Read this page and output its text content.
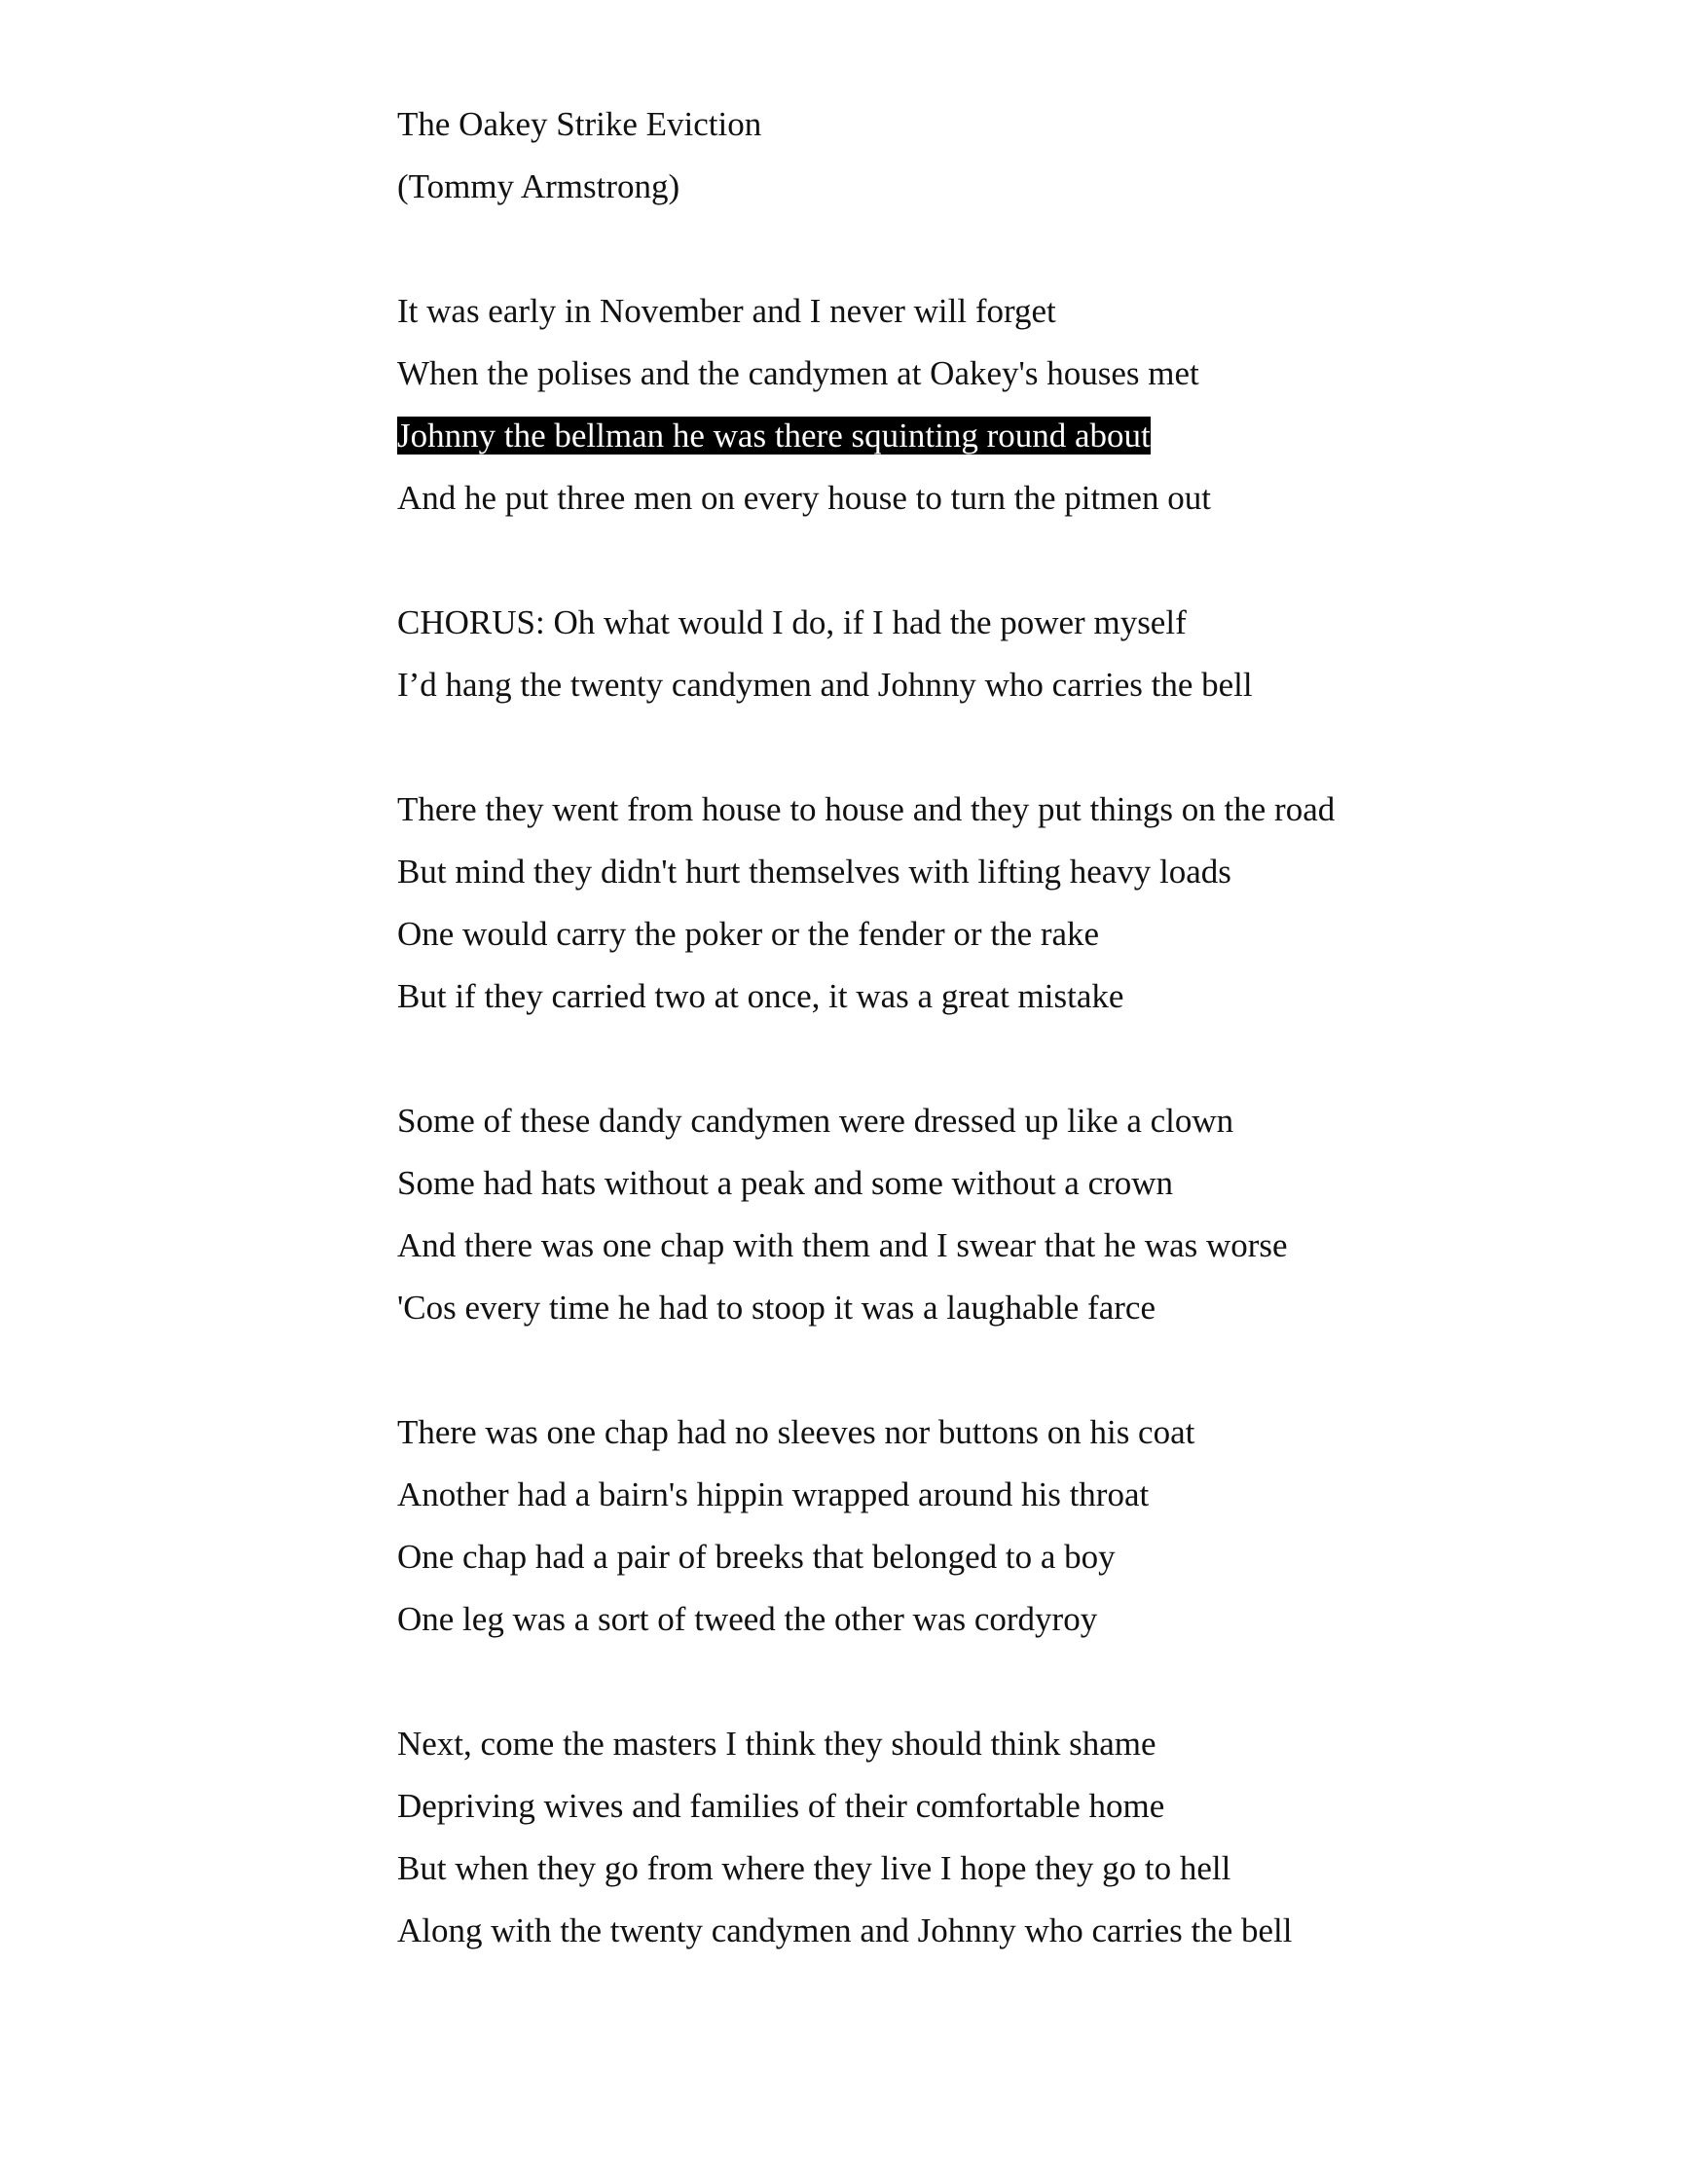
The Oakey Strike Eviction
(Tommy Armstrong)
It was early in November and I never will forget
When the polises and the candymen at Oakey's houses met
Johnny the bellman he was there squinting round about
And he put three men on every house to turn the pitmen out
CHORUS: Oh what would I do, if I had the power myself
I’d hang the twenty candymen and Johnny who carries the bell
There they went from house to house and they put things on the road
But mind they didn't hurt themselves with lifting heavy loads
One would carry the poker or the fender or the rake
But if they carried two at once, it was a great mistake
Some of these dandy candymen were dressed up like a clown
Some had hats without a peak and some without a crown
And there was one chap with them and I swear that he was worse
'Cos every time he had to stoop it was a laughable farce
There was one chap had no sleeves nor buttons on his coat
Another had a bairn's hippin wrapped around his throat
One chap had a pair of breeks that belonged to a boy
One leg was a sort of tweed the other was cordyroy
Next, come the masters I think they should think shame
Depriving wives and families of their comfortable home
But when they go from where they live I hope they go to hell
Along with the twenty candymen and Johnny who carries the bell
